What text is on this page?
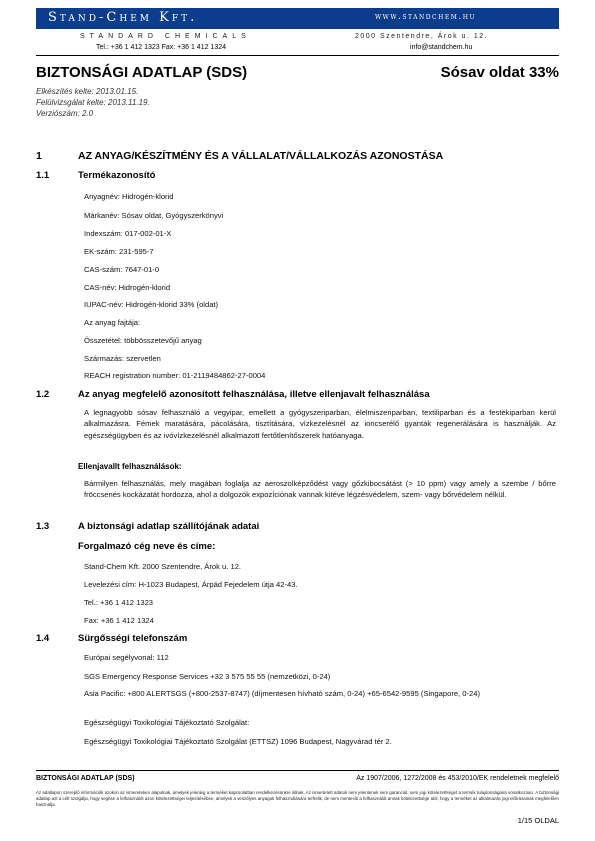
Stand-Chem Kft.	www.standchem.hu
STANDARD CHEMICALS	2000 Szentendre, Árok u. 12.
Tel.: +36 1 412 1323 Fax: +36 1 412 1324	info@standchem.hu
BIZTONSÁGI ADATLAP (SDS)	Sósav oldat 33%
Elkészítés kelte: 2013.01.15.
Felülvizsgálat kelte: 2013.11.19.
Verziószám: 2.0
1	AZ ANYAG/KÉSZÍTMÉNY ÉS A VÁLLALAT/VÁLLALKOZÁS AZONOSTÁSA
1.1	Termékazonosító
Anyagnév: Hidrogén-klorid
Márkanév: Sósav oldat, Gyógyszerkönyvi
Indexszám: 017-002-01-X
EK-szám: 231-595-7
CAS-szám: 7647-01-0
CAS-név: Hidrogén-klorid
IUPAC-név: Hidrogén-klorid 33% (oldat)
Az anyag fajtája:
Összetétel: többösszetevőjű anyag
Származás: szervetlen
REACH registration number: 01-2119484862-27-0004
1.2	Az anyag megfelelő azonosított felhasználása, illetve ellenjavalt felhasználása
A legnagyobb sósav felhasználó a vegyipar, emellett a gyógyszeriparban, élelmiszeriparban, textiliparban és a festékiparban kerül alkalmazásra. Fémek maratására, pácolására, tisztítására, vízkezelésnél az ioncserélő gyanták regenerálására is használják. Az egészségügyben és az ivóvízkezelésnél alkalmazott fertőtlenítőszerek hatóanyaga.
Ellenjavallt felhasználások:
Bármilyen felhasználás, mely magában foglalja az aeroszolképződést vagy gőzkibocsátást (> 10 ppm) vagy amely a szembe / bőrre fröccsenés kockázatát hordozza, ahol a dolgozók expozíciónak vannak kitéve légzésvédelem, szem- vagy bőrvédelem nélkül.
1.3	A biztonsági adatlap szállítójának adatai
Forgalmazó cég neve és címe:
Stand-Chem Kft. 2000 Szentendre, Árok u. 12.
Levelezési cím: H-1023 Budapest, Árpád Fejedelem útja 42-43.
Tel.: +36 1 412 1323
Fax: +36 1 412 1324
1.4	Sürgősségi telefonszám
Európai segélyvonal: 112
SGS Emergency Response Services +32 3 575 55 55 (nemzetközi, 0-24)
Asia Pacific: +800 ALERTSGS (+800-2537-8747) (díjmentesen hívható szám, 0-24) +65-6542-9595 (Singapore, 0-24)
Egészségügyi Toxikológiai Tájékoztató Szolgálat:
Egészségügyi Toxikológiai Tájékoztató Szolgálat (ETTSZ) 1096 Budapest, Nagyvárad tér 2.
BIZTONSÁGI ADATLAP (SDS)	Az 1907/2006, 1272/2008 és 453/2010/EK rendeletnek megfelelő
Az adatlapon szereplő információk azokon az ismereteken alapulnak, amelyek jelenleg a terméket kapcsolatban rendelkezésünkre állnak. Az ismertetett adatok nem jelentenek sem garanciát, sem jogi kötelezettséget a termék tulajdonságaira vonatkozóan. A biztonsági adatlap azt a célt szolgálja, hogy segítse a felhasználót azon kötelezettségei teljesítésében, amelyek a veszélyes anyagok felhasználására terhelik, de nem mentesíti a felhasználót annak kötelezettsége alól, hogy a terméket az alkalmazás jogi előírásainak megfelelően használja.
1/15 OLDAL
